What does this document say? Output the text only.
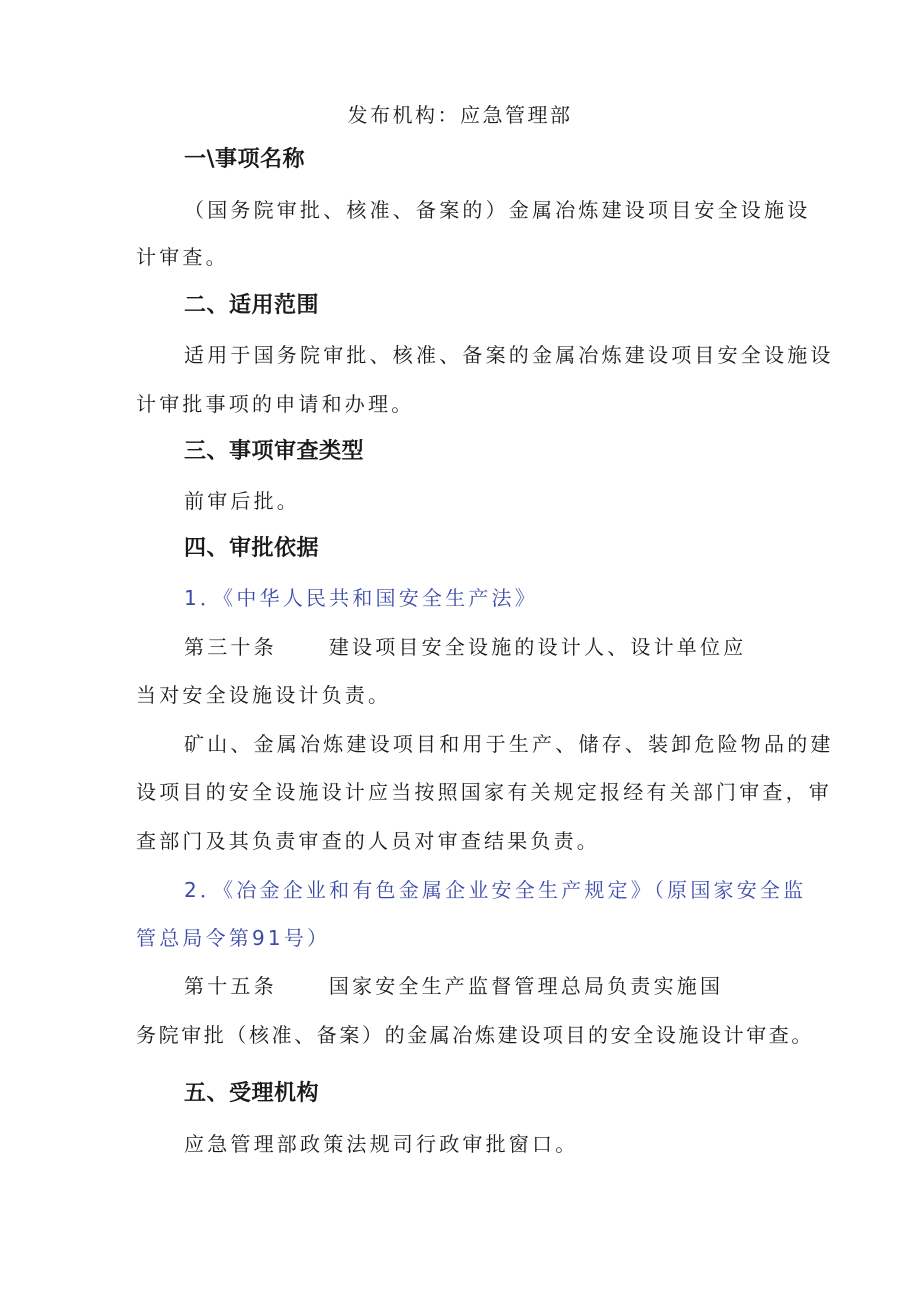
发布机构：应急管理部
一\事项名称
（国务院审批、核准、备案的）金属冶炼建设项目安全设施设
计审查。
二、适用范围
适用于国务院审批、核准、备案的金属冶炼建设项目安全设施设
计审批事项的申请和办理。
三、事项审查类型
前审后批。
四、审批依据
1．《中华人民共和国安全生产法》
第三十条	建设项目安全设施的设计人、设计单位应
当对安全设施设计负责。
矿山、金属冶炼建设项目和用于生产、储存、装卸危险物品的建
设项目的安全设施设计应当按照国家有关规定报经有关部门审查，审
查部门及其负责审查的人员对审查结果负责。
2．《冶金企业和有色金属企业安全生产规定》（原国家安全监
管总局令第91号）
第十五条	国家安全生产监督管理总局负责实施国
务院审批（核准、备案）的金属冶炼建设项目的安全设施设计审查。
五、受理机构
应急管理部政策法规司行政审批窗口。
